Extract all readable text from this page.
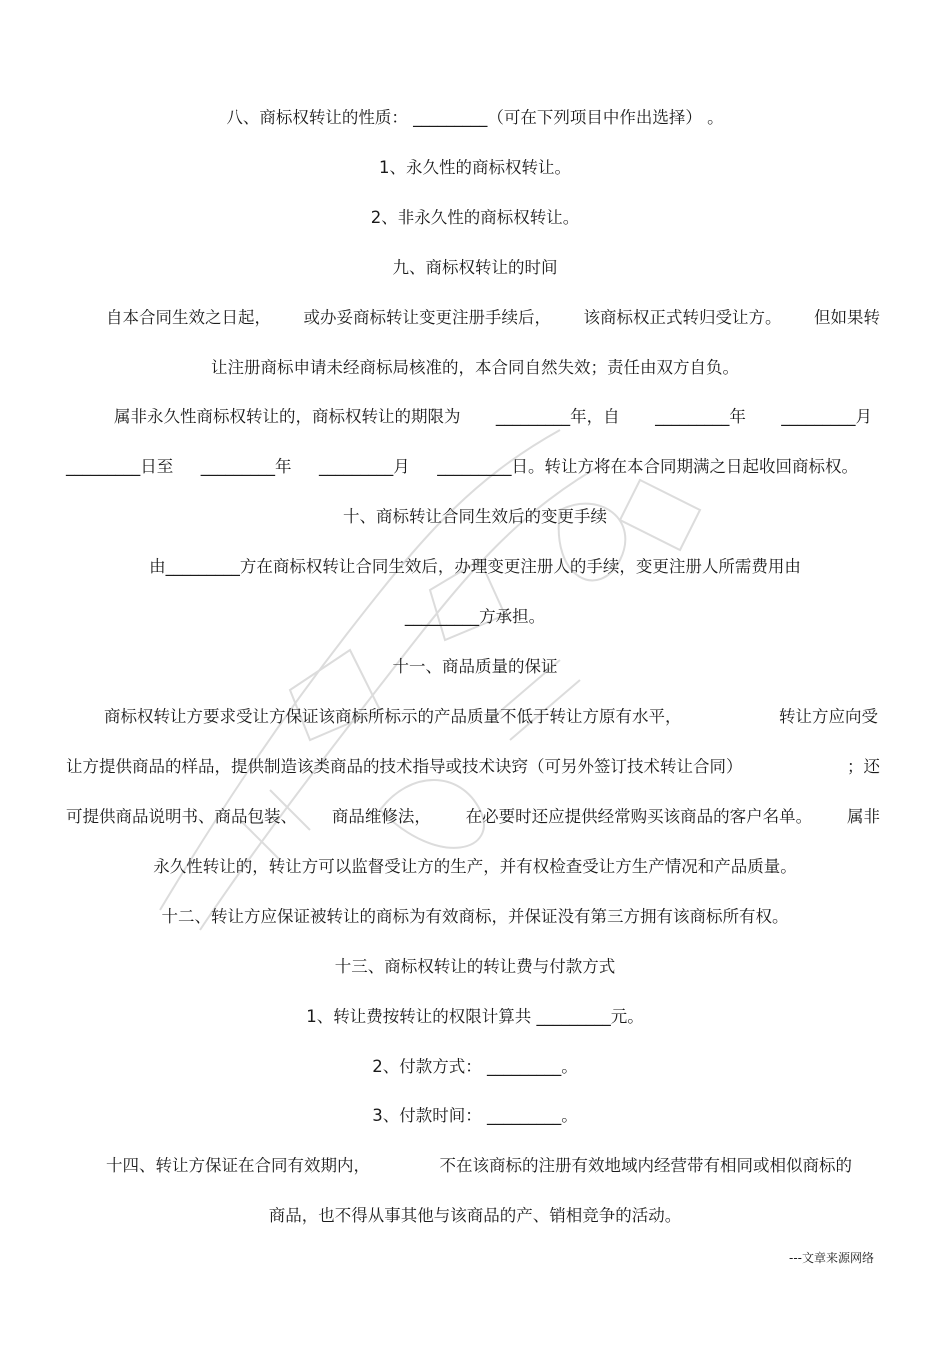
八、商标权转让的性质： _________（可在下列项目中作出选择） 。
1、永久性的商标权转让。
2、非永久性的商标权转让。
九、商标权转让的时间
自本合同生效之日起， 或办妥商标转让变更注册手续后， 该商标权正式转归受让方。 但如果转
让注册商标申请未经商标局核准的，本合同自然失效；责任由双方自负。
属非永久性商标权转让的，商标权转让的期限为 _________年，自 _________年 _________月
_________日至 _________年 _________月 _________日。转让方将在本合同期满之日起收回商标权。
十、商标转让合同生效后的变更手续
由_________方在商标权转让合同生效后，办理变更注册人的手续，变更注册人所需费用由
_________方承担。
十一、商品质量的保证
商标权转让方要求受让方保证该商标所标示的产品质量不低于转让方原有水平，	转让方应向受
让方提供商品的样品，提供制造该类商品的技术指导或技术诀窍（可另外签订技术转让合同）	；还
可提供商品说明书、商品包装、 商品维修法， 在必要时还应提供经常购买该商品的客户名单。 属非
永久性转让的，转让方可以监督受让方的生产，并有权检查受让方生产情况和产品质量。
十二、转让方应保证被转让的商标为有效商标，并保证没有第三方拥有该商标所有权。
十三、商标权转让的转让费与付款方式
1、转让费按转让的权限计算共 _________元。
2、付款方式： _________。
3、付款时间： _________。
十四、转让方保证在合同有效期内，	不在该商标的注册有效地域内经营带有相同或相似商标的
商品，也不得从事其他与该商品的产、销相竞争的活动。
---文章来源网络
